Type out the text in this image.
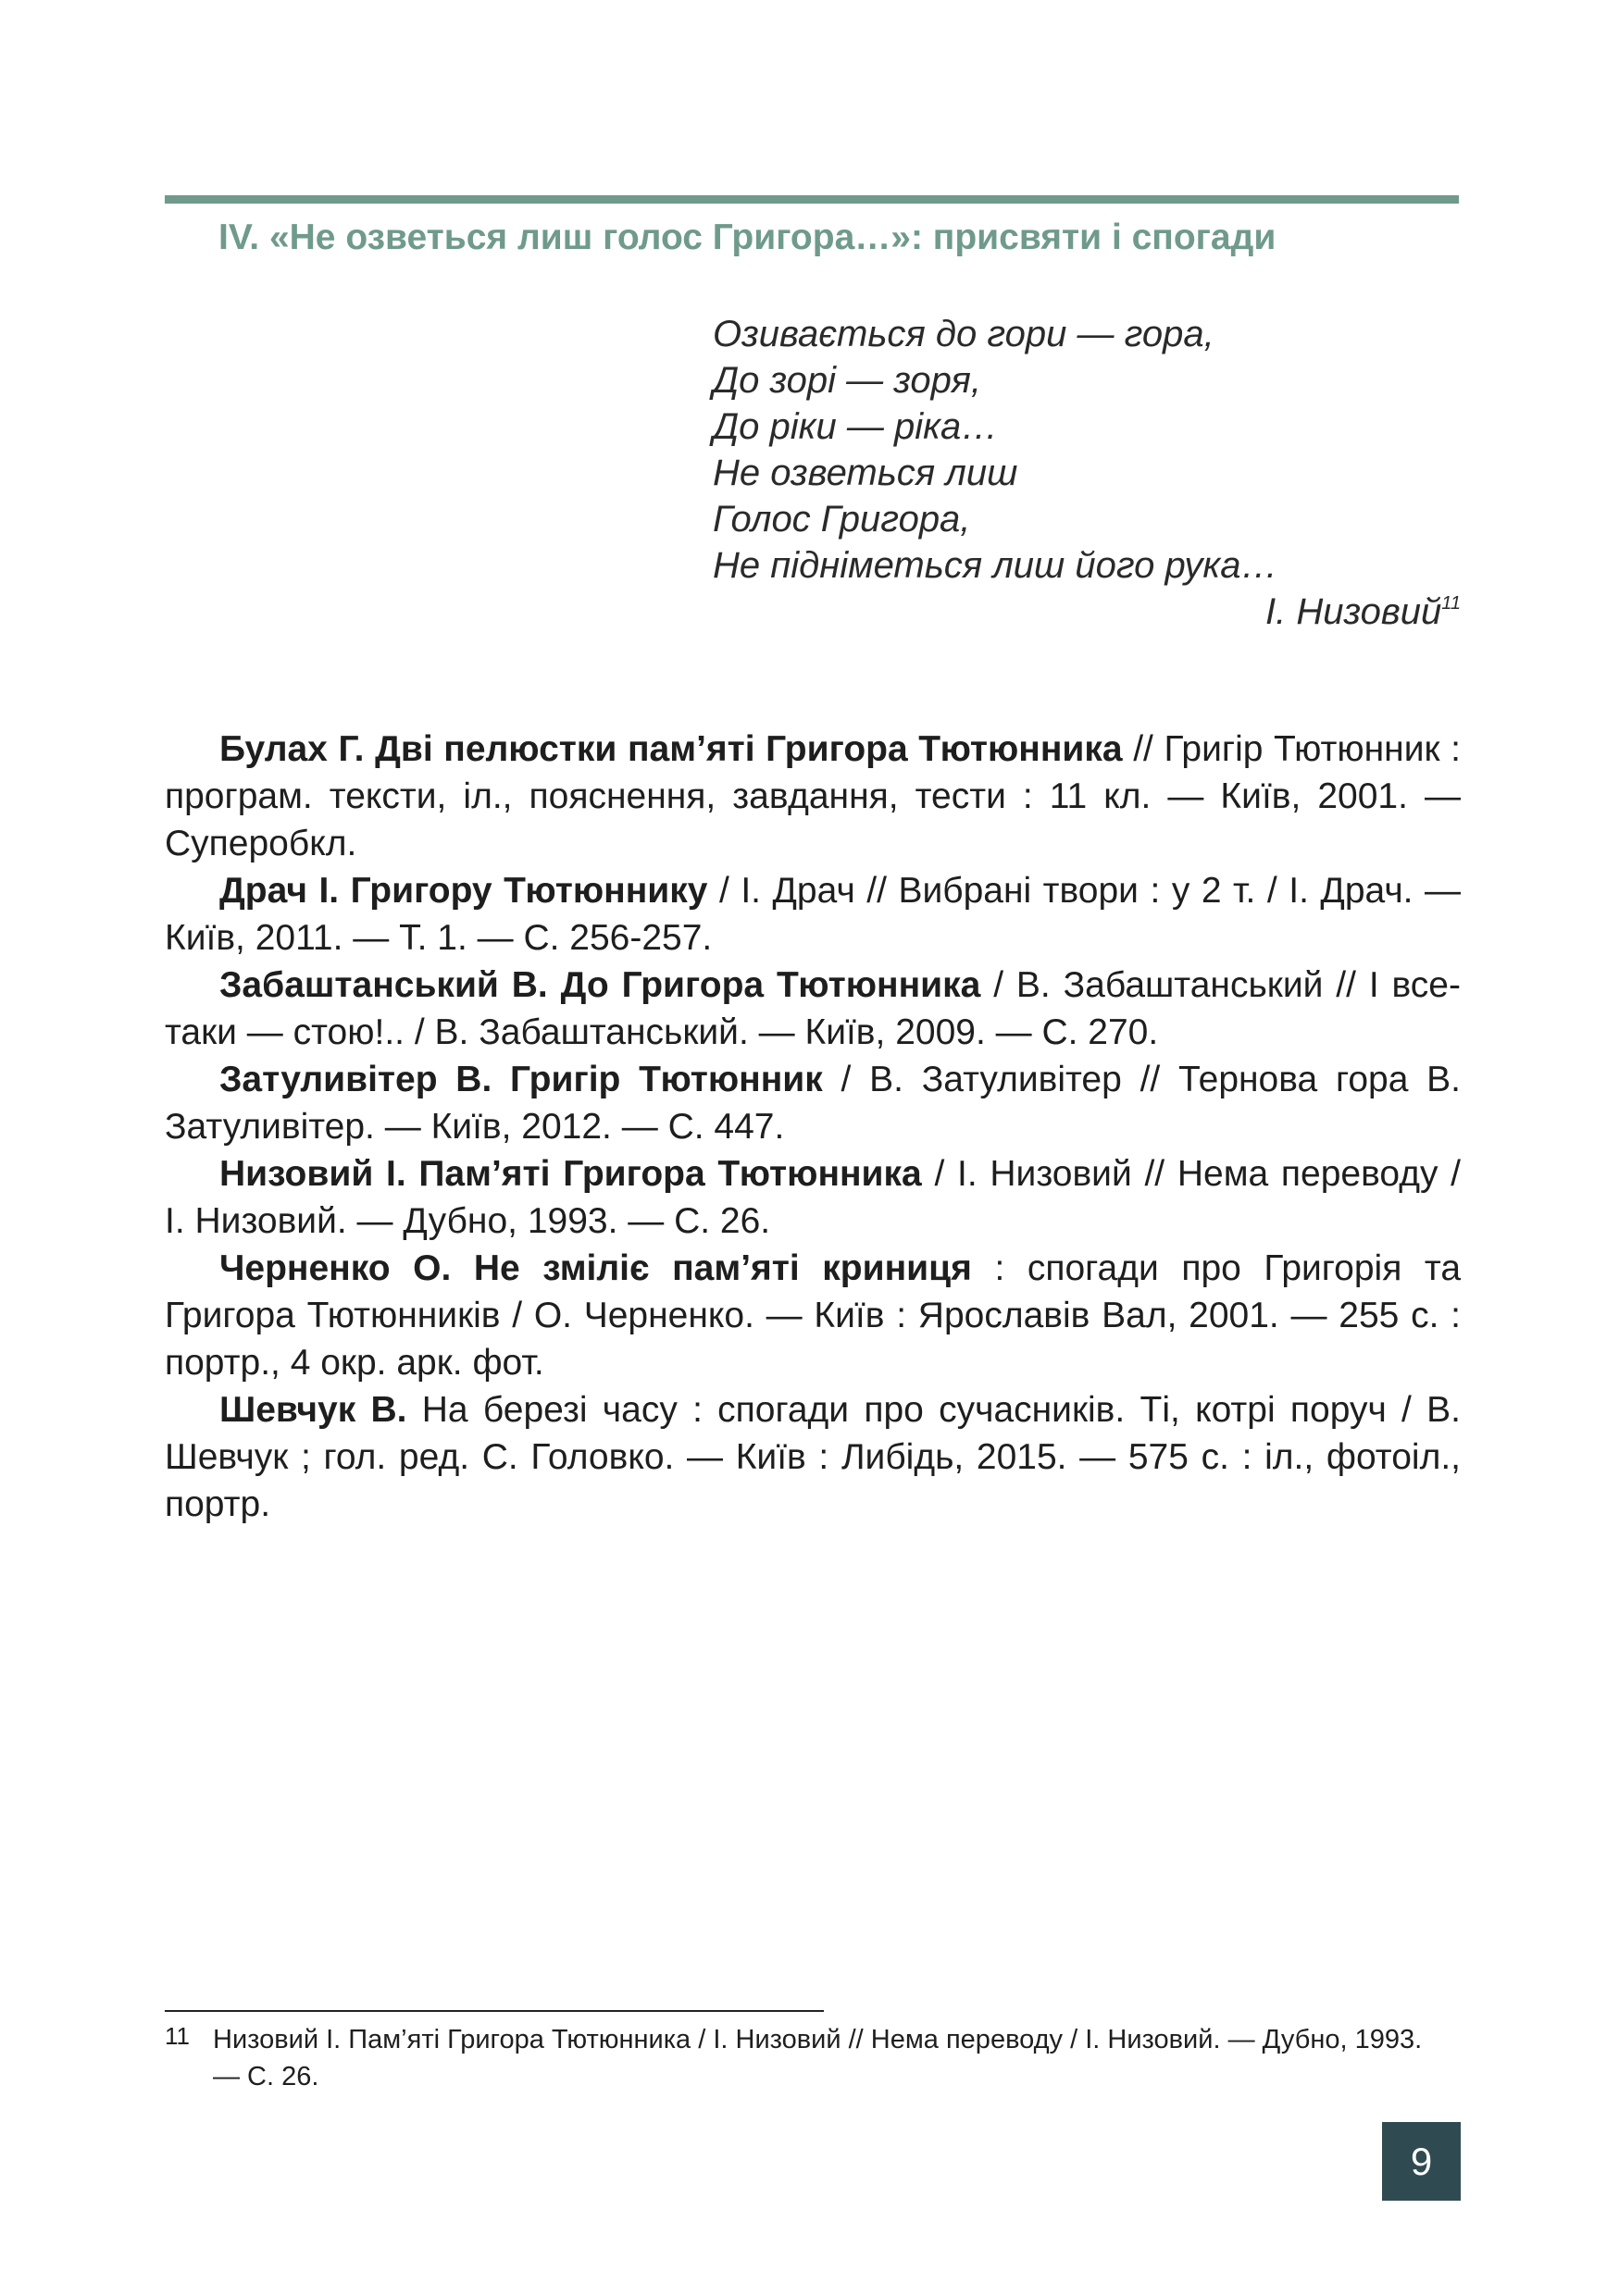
IV. «Не озветься лиш голос Григора…»: присвяти і спогади
Озивається до гори — гора,
До зорі — зоря,
До ріки — ріка…
Не озветься лиш
Голос Григора,
Не підніметься лиш його рука…
І. Низовий$^{11}$

Булах Г. Дві пелюстки пам’яті Григора Тютюнника // Григір Тютюнник : програм. тексти, іл., пояснення, завдання, тести : 11 кл. — Київ, 2001. — Суперобкл.

Драч І. Григору Тютюннику / І. Драч // Вибрані твори : у 2 т. / І. Драч. — Київ, 2011. — Т. 1. — С. 256-257.

Забаштанський В. До Григора Тютюнника / В. Забаштанський // І все-таки — стою!.. / В. Забаштанський. — Київ, 2009. — С. 270.

Затуливітер В. Григір Тютюнник / В. Затуливітер // Тернова гора В. Затуливітер. — Київ, 2012. — С. 447.

Низовий І. Пам’яті Григора Тютюнника / І. Низовий // Нема переводу / І. Низовий. — Дубно, 1993. — С. 26.

Черненко О. Не зміліє пам’яті криниця : спогади про Григорія та Григора Тютюнників / О. Черненко. — Київ : Ярославів Вал, 2001. — 255 с. : портр., 4 окр. арк. фот.

Шевчук В. На березі часу : спогади про сучасників. Ті, котрі поруч / В. Шевчук ; гол. ред. С. Головко. — Київ : Либідь, 2015. — 575 с. : іл., фотоіл., портр.

11 Низовий І. Пам’яті Григора Тютюнника / І. Низовий // Нема переводу / І. Низовий. — Дубно, 1993. — С. 26.
9
